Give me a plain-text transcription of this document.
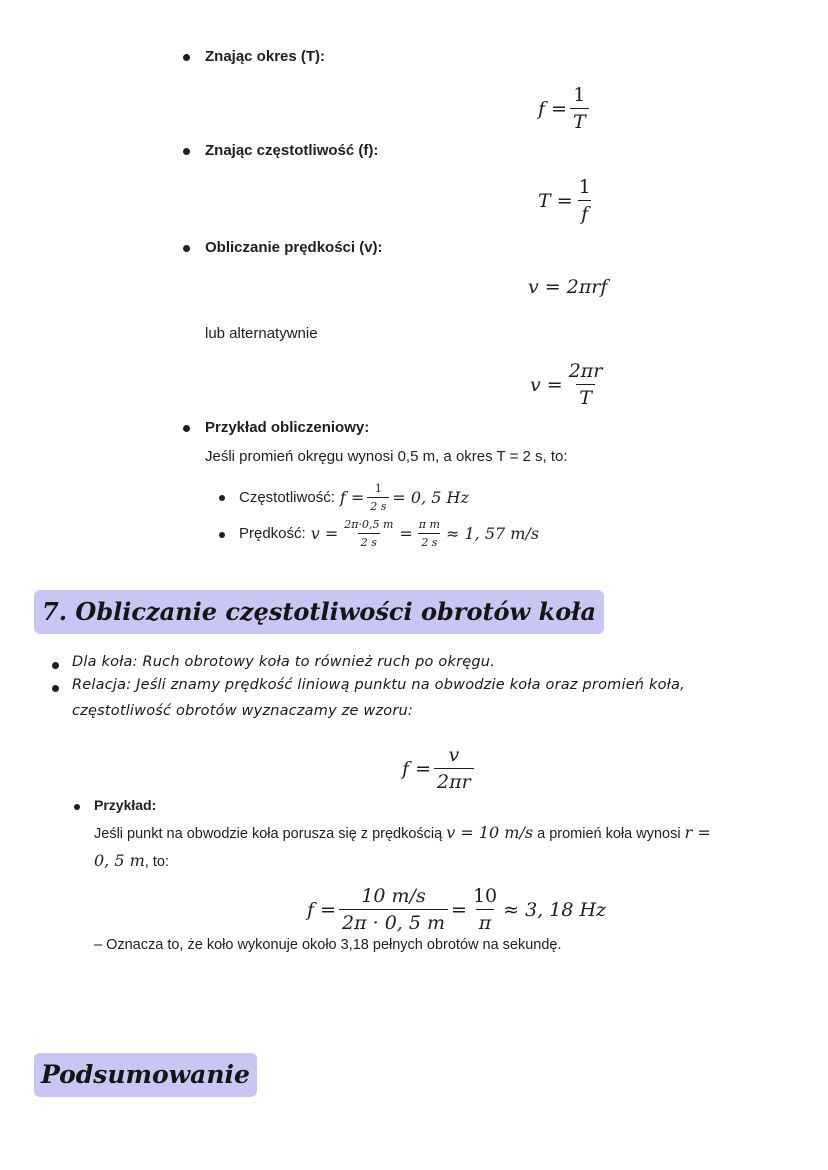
Znając okres (T):
$f = \frac{1}{T}$
Znając częstotliwość (f):
$T = \frac{1}{f}$
Obliczanie prędkości (v):
v = 2πrf
lub alternatywnie
$v = \frac{2\pi r}{T}$
Przykład obliczeniowy:
Jeśli promień okręgu wynosi 0,5 m, a okres T = 2 s, to:
Częstotliwość: $f = \frac{1}{2 s} = 0$, 5 Hz
Prędkość: $v = \frac{2\pi\cdot 0,5 m}{2 s} = \frac{\text{π m}}{2 s} \approx 1$, 57 m/s
7. Obliczanie częstotliwości obrotów koła
Dla koła: Ruch obrotowy koła to również ruch po okręgu.
Relacja: Jeśli znamy prędkość liniową punktu na obwodzie koła oraz promień koła,
częstotliwość obrotów wyznaczamy ze wzoru:
$f = \frac{v}{2\pi r}$
Przykład:
Jeśli punkt na obwodzie koła porusza się z prędkością v = 10 m/s a promień koła wynosi r =
0, 5 m, to:
$f = \frac{10 m/s}{2\pi \cdot 0, 5 m} = \frac{10}{\pi} \approx 3$, 18 Hz
– Oznacza to, że koło wykonuje około 3,18 pełnych obrotów na sekundę.
Podsumowanie
